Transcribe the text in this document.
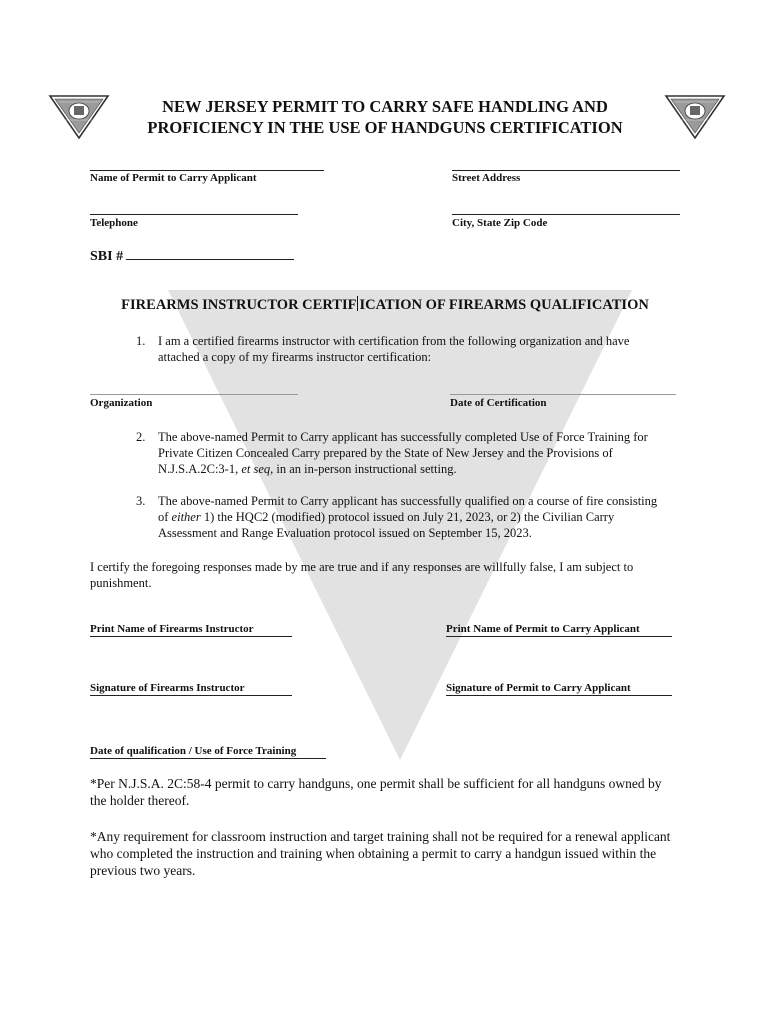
NEW JERSEY PERMIT TO CARRY SAFE HANDLING AND
PROFICIENCY IN THE USE OF HANDGUNS CERTIFICATION
Name of Permit to Carry Applicant	Street Address
Telephone	City, State Zip Code
SBI #
FIREARMS INSTRUCTOR CERTIF ICATION OF FIREARMS QUALIFICATION
1. I am a certified firearms instructor with certification from the following organization and have attached a copy of my firearms instructor certification:
Organization	Date of Certification
2. The above-named Permit to Carry applicant has successfully completed Use of Force Training for Private Citizen Concealed Carry prepared by the State of New Jersey and the Provisions of N.J.S.A.2C:3-1, et seq, in an in-person instructional setting.
3. The above-named Permit to Carry applicant has successfully qualified on a course of fire consisting of either 1) the HQC2 (modified) protocol issued on July 21, 2023, or 2) the Civilian Carry Assessment and Range Evaluation protocol issued on September 15, 2023.
I certify the foregoing responses made by me are true and if any responses are willfully false, I am subject to punishment.
Print Name of Firearms Instructor	Print Name of Permit to Carry Applicant
Signature of Firearms Instructor	Signature of Permit to Carry Applicant
Date of qualification / Use of Force Training
*Per N.J.S.A. 2C:58-4 permit to carry handguns, one permit shall be sufficient for all handguns owned by the holder thereof.
*Any requirement for classroom instruction and target training shall not be required for a renewal applicant who completed the instruction and training when obtaining a permit to carry a handgun issued within the previous two years.
